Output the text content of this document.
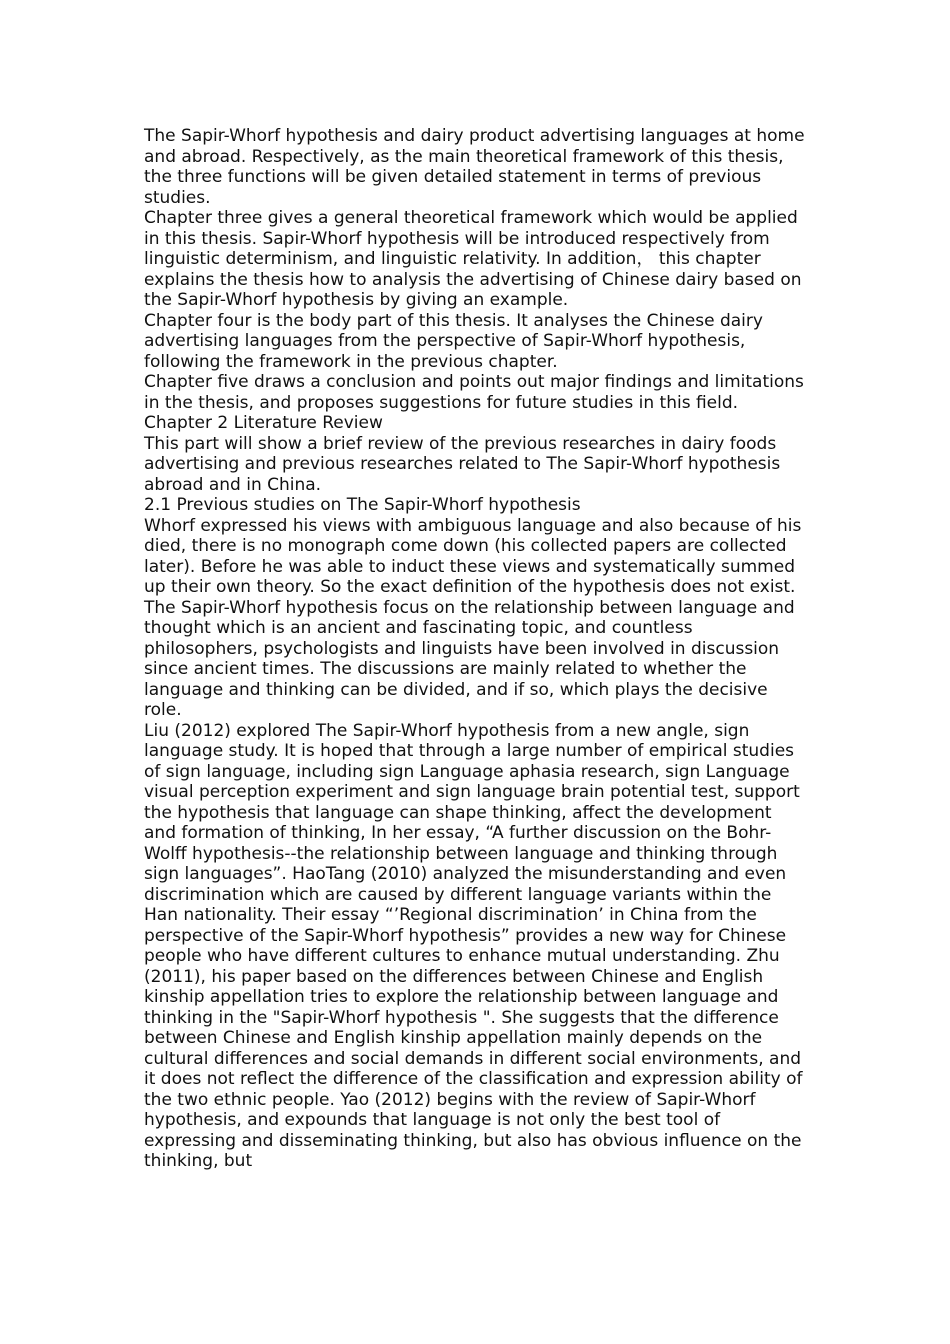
The Sapir-Whorf hypothesis and dairy product advertising languages at home and abroad. Respectively, as the main theoretical framework of this thesis, the three functions will be given detailed statement in terms of previous studies.

Chapter three gives a general theoretical framework which would be applied in this thesis. Sapir-Whorf hypothesis will be introduced respectively from linguistic determinism, and linguistic relativity. In addition， this chapter explains the thesis how to analysis the advertising of Chinese dairy based on the Sapir-Whorf hypothesis by giving an example.

Chapter four is the body part of this thesis. It analyses the Chinese dairy advertising languages from the perspective of Sapir-Whorf hypothesis, following the framework in the previous chapter.

Chapter five draws a conclusion and points out major findings and limitations in the thesis, and proposes suggestions for future studies in this field.

Chapter 2 Literature Review

This part will show a brief review of the previous researches in dairy foods advertising and previous researches related to The Sapir-Whorf hypothesis abroad and in China.

2.1 Previous studies on The Sapir-Whorf hypothesis

Whorf expressed his views with ambiguous language and also because of his died, there is no monograph come down (his collected papers are collected later). Before he was able to induct these views and systematically summed up their own theory. So the exact definition of the hypothesis does not exist. The Sapir-Whorf hypothesis focus on the relationship between language and thought which is an ancient and fascinating topic, and countless philosophers, psychologists and linguists have been involved in discussion since ancient times. The discussions are mainly related to whether the language and thinking can be divided, and if so, which plays the decisive role.

Liu (2012) explored The Sapir-Whorf hypothesis from a new angle, sign language study. It is hoped that through a large number of empirical studies of sign language, including sign Language aphasia research, sign Language visual perception experiment and sign language brain potential test, support the hypothesis that language can shape thinking, affect the development and formation of thinking, In her essay, “A further discussion on the Bohr-Wolff hypothesis--the relationship between language and thinking through sign languages”. HaoTang (2010) analyzed the misunderstanding and even discrimination which are caused by different language variants within the Han nationality. Their essay “’Regional discrimination’ in China from the perspective of the Sapir-Whorf hypothesis” provides a new way for Chinese people who have different cultures to enhance mutual understanding. Zhu (2011), his paper based on the differences between Chinese and English kinship appellation tries to explore the relationship between language and thinking in the "Sapir-Whorf hypothesis ". She suggests that the difference between Chinese and English kinship appellation mainly depends on the cultural differences and social demands in different social environments, and it does not reflect the difference of the classification and expression ability of the two ethnic people. Yao (2012) begins with the review of Sapir-Whorf hypothesis, and expounds that language is not only the best tool of expressing and disseminating thinking, but also has obvious influence on the thinking, but
